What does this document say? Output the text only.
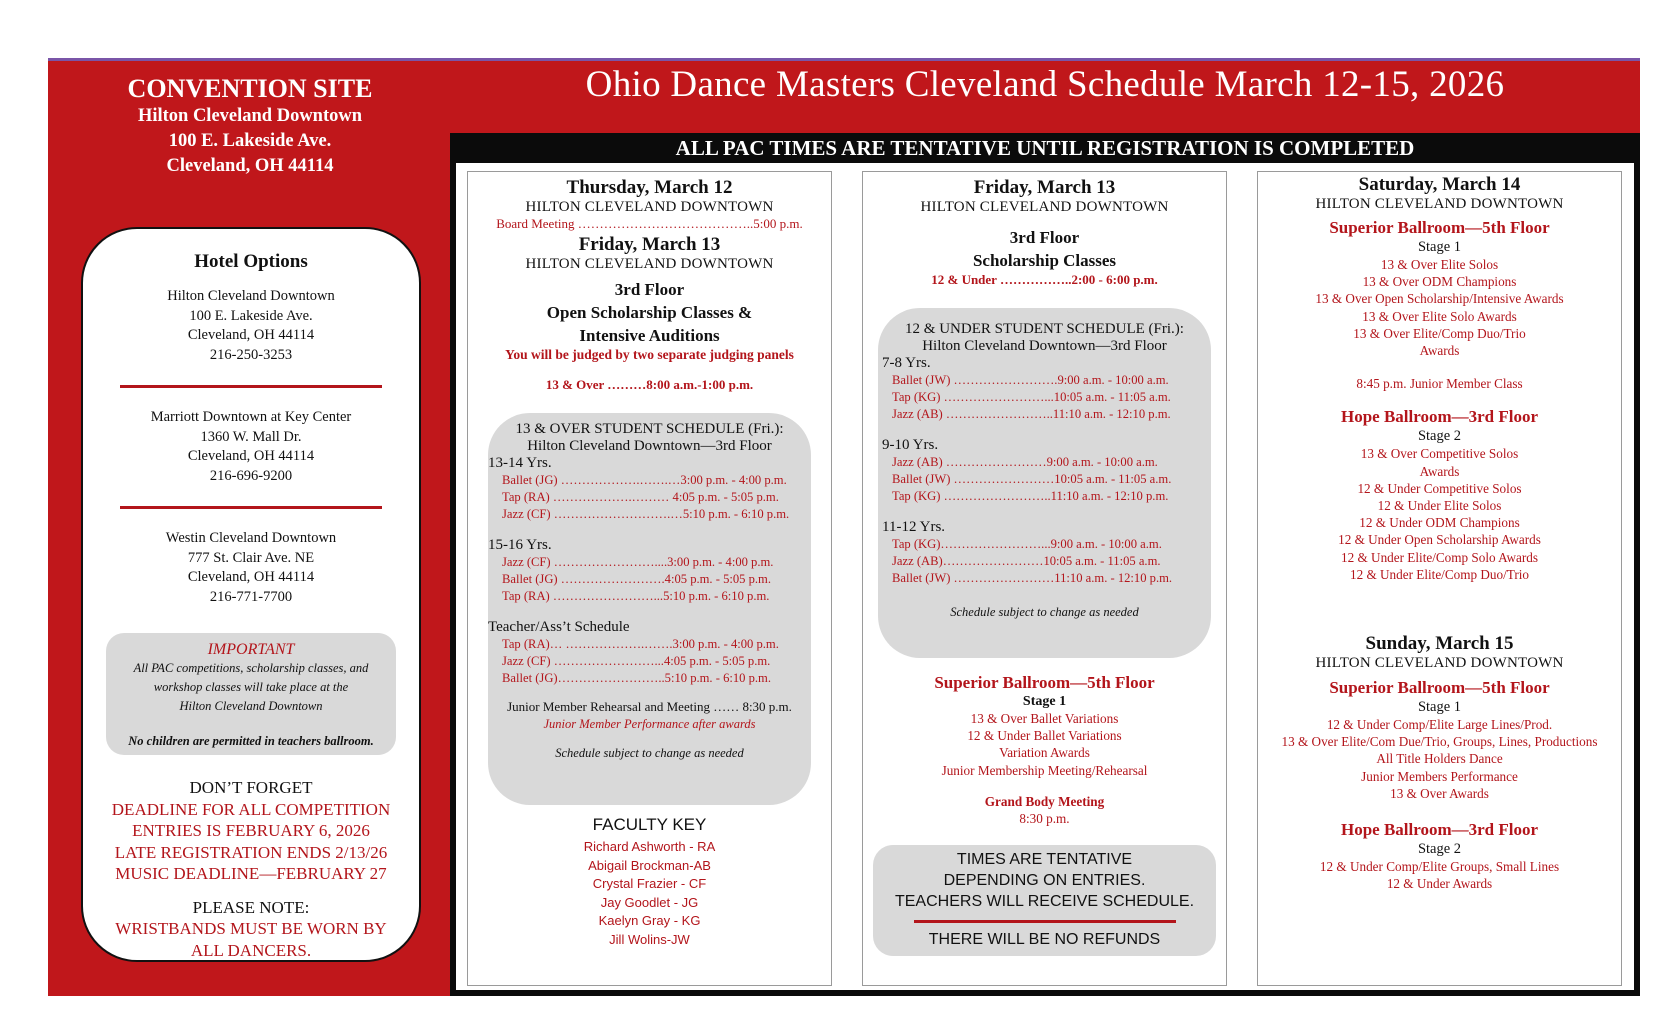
CONVENTION SITE
Hilton Cleveland Downtown
100 E. Lakeside Ave.
Cleveland, OH 44114
Ohio Dance Masters Cleveland Schedule March 12-15, 2026
ALL PAC TIMES ARE TENTATIVE UNTIL REGISTRATION IS COMPLETED
Hotel Options
Hilton Cleveland Downtown
100 E. Lakeside Ave.
Cleveland, OH 44114
216-250-3253
Marriott Downtown at Key Center
1360 W. Mall Dr.
Cleveland, OH 44114
216-696-9200
Westin Cleveland Downtown
777 St. Clair Ave. NE
Cleveland, OH 44114
216-771-7700
IMPORTANT
All PAC competitions, scholarship classes, and
workshop classes will take place at the
Hilton Cleveland Downtown
No children are permitted in teachers ballroom.
DON’T FORGET
DEADLINE FOR ALL COMPETITION
ENTRIES IS FEBRUARY 6, 2026
LATE REGISTRATION ENDS 2/13/26
MUSIC DEADLINE—FEBRUARY 27
PLEASE NOTE:
WRISTBANDS MUST BE WORN BY
ALL DANCERS.
Thursday, March 12
HILTON CLEVELAND DOWNTOWN
Board Meeting …………………………………..5:00 p.m.
Friday, March 13
HILTON CLEVELAND DOWNTOWN
3rd Floor
Open Scholarship Classes &
Intensive Auditions
You will be judged by two separate judging panels
13 & Over ………8:00 a.m.-1:00 p.m.
13 & OVER STUDENT SCHEDULE (Fri.):
Hilton Cleveland Downtown—3rd Floor
13-14 Yrs.
Ballet (JG) ……………….…….…3:00 p.m. - 4:00 p.m.
Tap (RA) ……………….……… 4:05 p.m. - 5:05 p.m.
Jazz (CF) ……………………….…5:10 p.m. - 6:10 p.m.
15-16 Yrs.
Jazz (CF) ……………………....3:00 p.m. - 4:00 p.m.
Ballet (JG) …………………….4:05 p.m. - 5:05 p.m.
Tap (RA) ……………………...5:10 p.m. - 6:10 p.m.
Teacher/Ass’t Schedule
Tap (RA)… ……………….…….3:00 p.m. - 4:00 p.m.
Jazz (CF) ……………………...4:05 p.m. - 5:05 p.m.
Ballet (JG)……………………..5:10 p.m. - 6:10 p.m.
Junior Member Rehearsal and Meeting …… 8:30 p.m.
Junior Member Performance after awards
Schedule subject to change as needed
FACULTY KEY
Richard Ashworth - RA
Abigail Brockman-AB
Crystal Frazier - CF
Jay Goodlet - JG
Kaelyn Gray - KG
Jill Wolins-JW
Friday, March 13
HILTON CLEVELAND DOWNTOWN
3rd Floor
Scholarship Classes
12 & Under ……………..2:00 - 6:00 p.m.
12 & UNDER STUDENT SCHEDULE (Fri.):
Hilton Cleveland Downtown—3rd Floor
7-8 Yrs.
Ballet (JW) …………………….9:00 a.m. - 10:00 a.m.
Tap (KG) ……………………...10:05 a.m. - 11:05 a.m.
Jazz (AB) ……………………..11:10 a.m. - 12:10 p.m.
9-10 Yrs.
Jazz (AB) ……………………9:00 a.m. - 10:00 a.m.
Ballet (JW) ……………………10:05 a.m. - 11:05 a.m.
Tap (KG) ……………………..11:10 a.m. - 12:10 p.m.
11-12 Yrs.
Tap (KG)……………………...9:00 a.m. - 10:00 a.m.
Jazz (AB)……………………10:05 a.m. - 11:05 a.m.
Ballet (JW) ……………………11:10 a.m. - 12:10 p.m.
Schedule subject to change as needed
Superior Ballroom—5th Floor
Stage 1
13 & Over Ballet Variations
12 & Under Ballet Variations
Variation Awards
Junior Membership Meeting/Rehearsal
Grand Body Meeting
8:30 p.m.
TIMES ARE TENTATIVE
DEPENDING ON ENTRIES.
TEACHERS WILL RECEIVE SCHEDULE.
THERE WILL BE NO REFUNDS
Saturday, March 14
HILTON CLEVELAND DOWNTOWN
Superior Ballroom—5th Floor
Stage 1
13 & Over Elite Solos
13 & Over ODM Champions
13 & Over Open Scholarship/Intensive Awards
13 & Over Elite Solo Awards
13 & Over Elite/Comp Duo/Trio
Awards
8:45 p.m. Junior Member Class
Hope Ballroom—3rd Floor
Stage 2
13 & Over Competitive Solos
Awards
12 & Under Competitive Solos
12 & Under Elite Solos
12 & Under ODM Champions
12 & Under Open Scholarship Awards
12 & Under Elite/Comp Solo Awards
12 & Under Elite/Comp Duo/Trio
Sunday, March 15
HILTON CLEVELAND DOWNTOWN
Superior Ballroom—5th Floor
Stage 1
12 & Under Comp/Elite Large Lines/Prod.
13 & Over Elite/Com Due/Trio, Groups, Lines, Productions
All Title Holders Dance
Junior Members Performance
13 & Over Awards
Hope Ballroom—3rd Floor
Stage 2
12 & Under Comp/Elite Groups, Small Lines
12 & Under Awards
